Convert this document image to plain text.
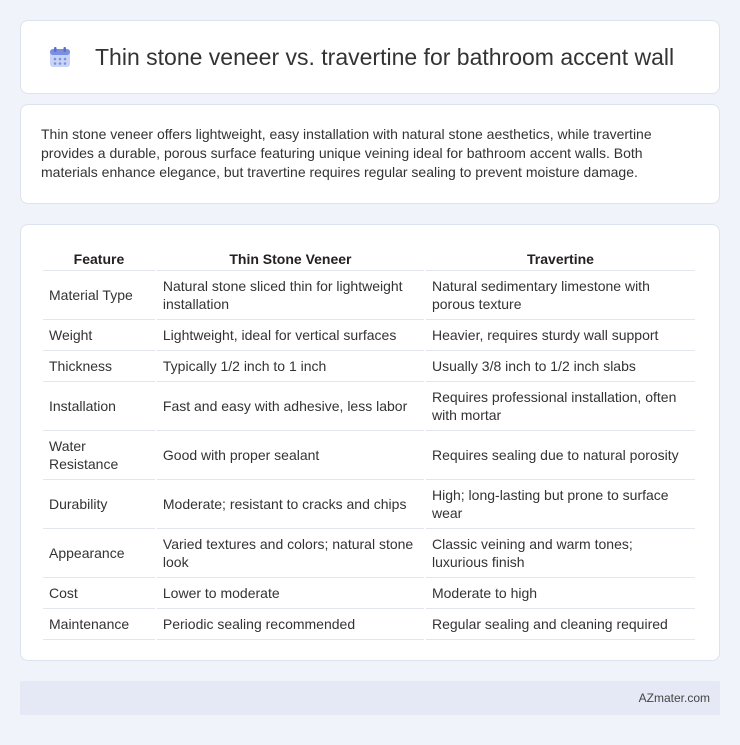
Thin stone veneer vs. travertine for bathroom accent wall

Thin stone veneer offers lightweight, easy installation with natural stone aesthetics, while travertine provides a durable, porous surface featuring unique veining ideal for bathroom accent walls. Both materials enhance elegance, but travertine requires regular sealing to prevent moisture damage.

Feature	Thin Stone Veneer	Travertine
Material Type	Natural stone sliced thin for lightweight installation	Natural sedimentary limestone with porous texture
Weight	Lightweight, ideal for vertical surfaces	Heavier, requires sturdy wall support
Thickness	Typically 1/2 inch to 1 inch	Usually 3/8 inch to 1/2 inch slabs
Installation	Fast and easy with adhesive, less labor	Requires professional installation, often with mortar
Water Resistance	Good with proper sealant	Requires sealing due to natural porosity
Durability	Moderate; resistant to cracks and chips	High; long-lasting but prone to surface wear
Appearance	Varied textures and colors; natural stone look	Classic veining and warm tones; luxurious finish
Cost	Lower to moderate	Moderate to high
Maintenance	Periodic sealing recommended	Regular sealing and cleaning required
AZmater.com
